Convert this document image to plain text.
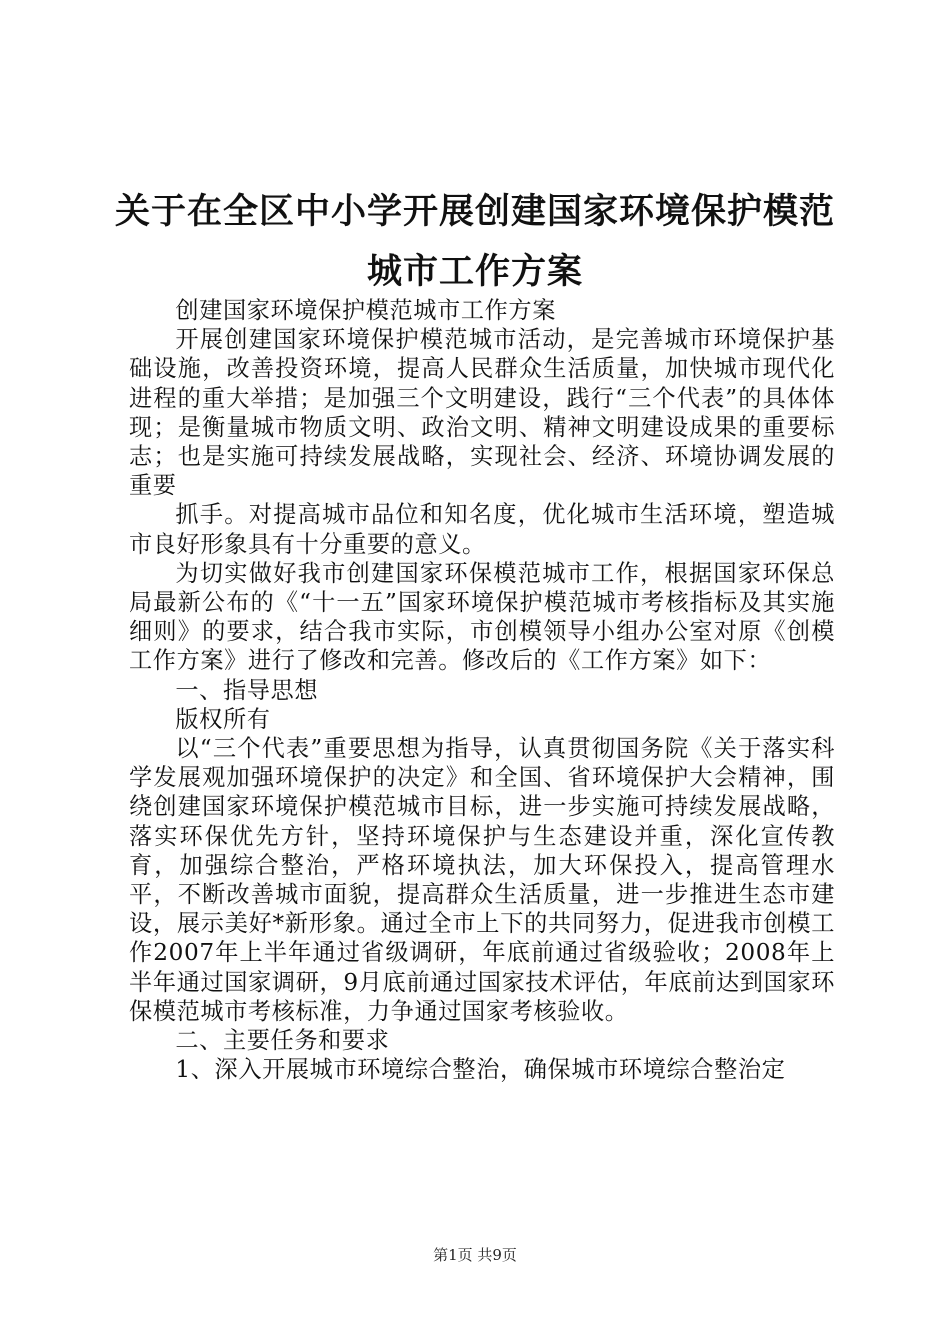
关于在全区中小学开展创建国家环境保护模范
城市工作方案

创建国家环境保护模范城市工作方案

开展创建国家环境保护模范城市活动，是完善城市环境保护基础设施，改善投资环境，提高人民群众生活质量，加快城市现代化进程的重大举措；是加强三个文明建设，践行“三个代表”的具体体现；是衡量城市物质文明、政治文明、精神文明建设成果的重要标志；也是实施可持续发展战略，实现社会、经济、环境协调发展的重要

抓手。对提高城市品位和知名度，优化城市生活环境，塑造城市良好形象具有十分重要的意义。

为切实做好我市创建国家环保模范城市工作，根据国家环保总局最新公布的《“十一五”国家环境保护模范城市考核指标及其实施细则》的要求，结合我市实际，市创模领导小组办公室对原《创模工作方案》进行了修改和完善。修改后的《工作方案》如下：

一、指导思想

版权所有

以“三个代表”重要思想为指导，认真贯彻国务院《关于落实科学发展观加强环境保护的决定》和全国、省环境保护大会精神，围绕创建国家环境保护模范城市目标，进一步实施可持续发展战略，落实环保优先方针，坚持环境保护与生态建设并重，深化宣传教育，加强综合整治，严格环境执法，加大环保投入，提高管理水平，不断改善城市面貌，提高群众生活质量，进一步推进生态市建设，展示美好*新形象。通过全市上下的共同努力，促进我市创模工作2007年上半年通过省级调研，年底前通过省级验收；2008年上半年通过国家调研，9月底前通过国家技术评估，年底前达到国家环保模范城市考核标准，力争通过国家考核验收。

二、主要任务和要求

1、深入开展城市环境综合整治，确保城市环境综合整治定

第1页 共9页
